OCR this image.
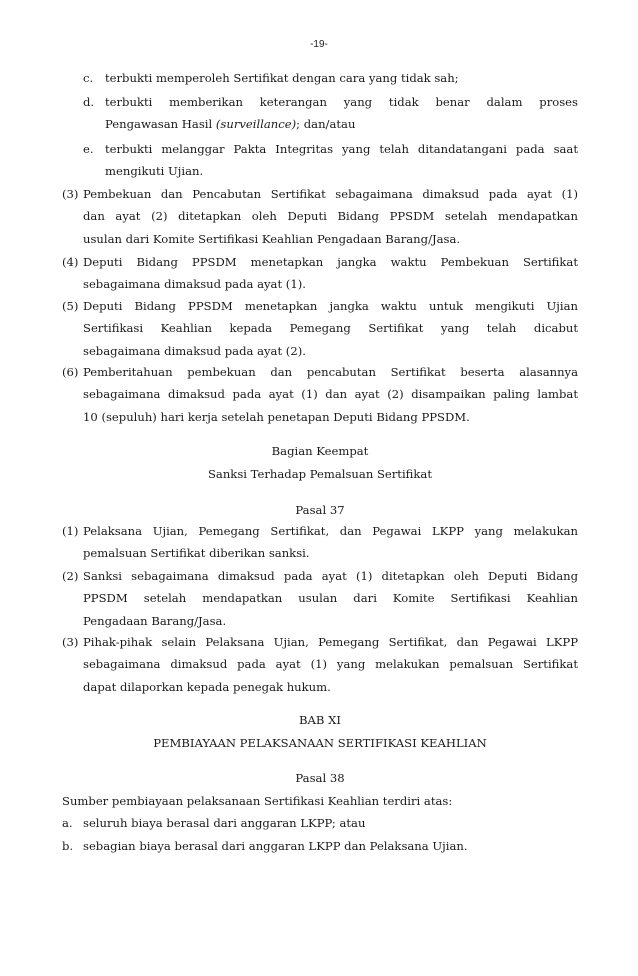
-19-
c. terbukti memperoleh Sertifikat dengan cara yang tidak sah;
d. terbukti memberikan keterangan yang tidak benar dalam proses
Pengawasan Hasil (surveillance); dan/atau
e. terbukti melanggar Pakta Integritas yang telah ditandatangani pada saat
mengikuti Ujian.
(3) Pembekuan dan Pencabutan Sertifikat sebagaimana dimaksud pada ayat (1)
dan ayat (2) ditetapkan oleh Deputi Bidang PPSDM setelah mendapatkan
usulan dari Komite Sertifikasi Keahlian Pengadaan Barang/Jasa.
(4) Deputi Bidang PPSDM menetapkan jangka waktu Pembekuan Sertifikat
sebagaimana dimaksud pada ayat (1).
(5) Deputi Bidang PPSDM menetapkan jangka waktu untuk mengikuti Ujian
Sertifikasi Keahlian kepada Pemegang Sertifikat yang telah dicabut
sebagaimana dimaksud pada ayat (2).
(6) Pemberitahuan pembekuan dan pencabutan Sertifikat beserta alasannya
sebagaimana dimaksud pada ayat (1) dan ayat (2) disampaikan paling lambat
10 (sepuluh) hari kerja setelah penetapan Deputi Bidang PPSDM.
Bagian Keempat
Sanksi Terhadap Pemalsuan Sertifikat
Pasal 37
(1) Pelaksana Ujian, Pemegang Sertifikat, dan Pegawai LKPP yang melakukan
pemalsuan Sertifikat diberikan sanksi.
(2) Sanksi sebagaimana dimaksud pada ayat (1) ditetapkan oleh Deputi Bidang
PPSDM setelah mendapatkan usulan dari Komite Sertifikasi Keahlian
Pengadaan Barang/Jasa.
(3) Pihak-pihak selain Pelaksana Ujian, Pemegang Sertifikat, dan Pegawai LKPP
sebagaimana dimaksud pada ayat (1) yang melakukan pemalsuan Sertifikat
dapat dilaporkan kepada penegak hukum.
BAB XI
PEMBIAYAAN PELAKSANAAN SERTIFIKASI KEAHLIAN
Pasal 38
Sumber pembiayaan pelaksanaan Sertifikasi Keahlian terdiri atas:
a. seluruh biaya berasal dari anggaran LKPP; atau
b. sebagian biaya berasal dari anggaran LKPP dan Pelaksana Ujian.
